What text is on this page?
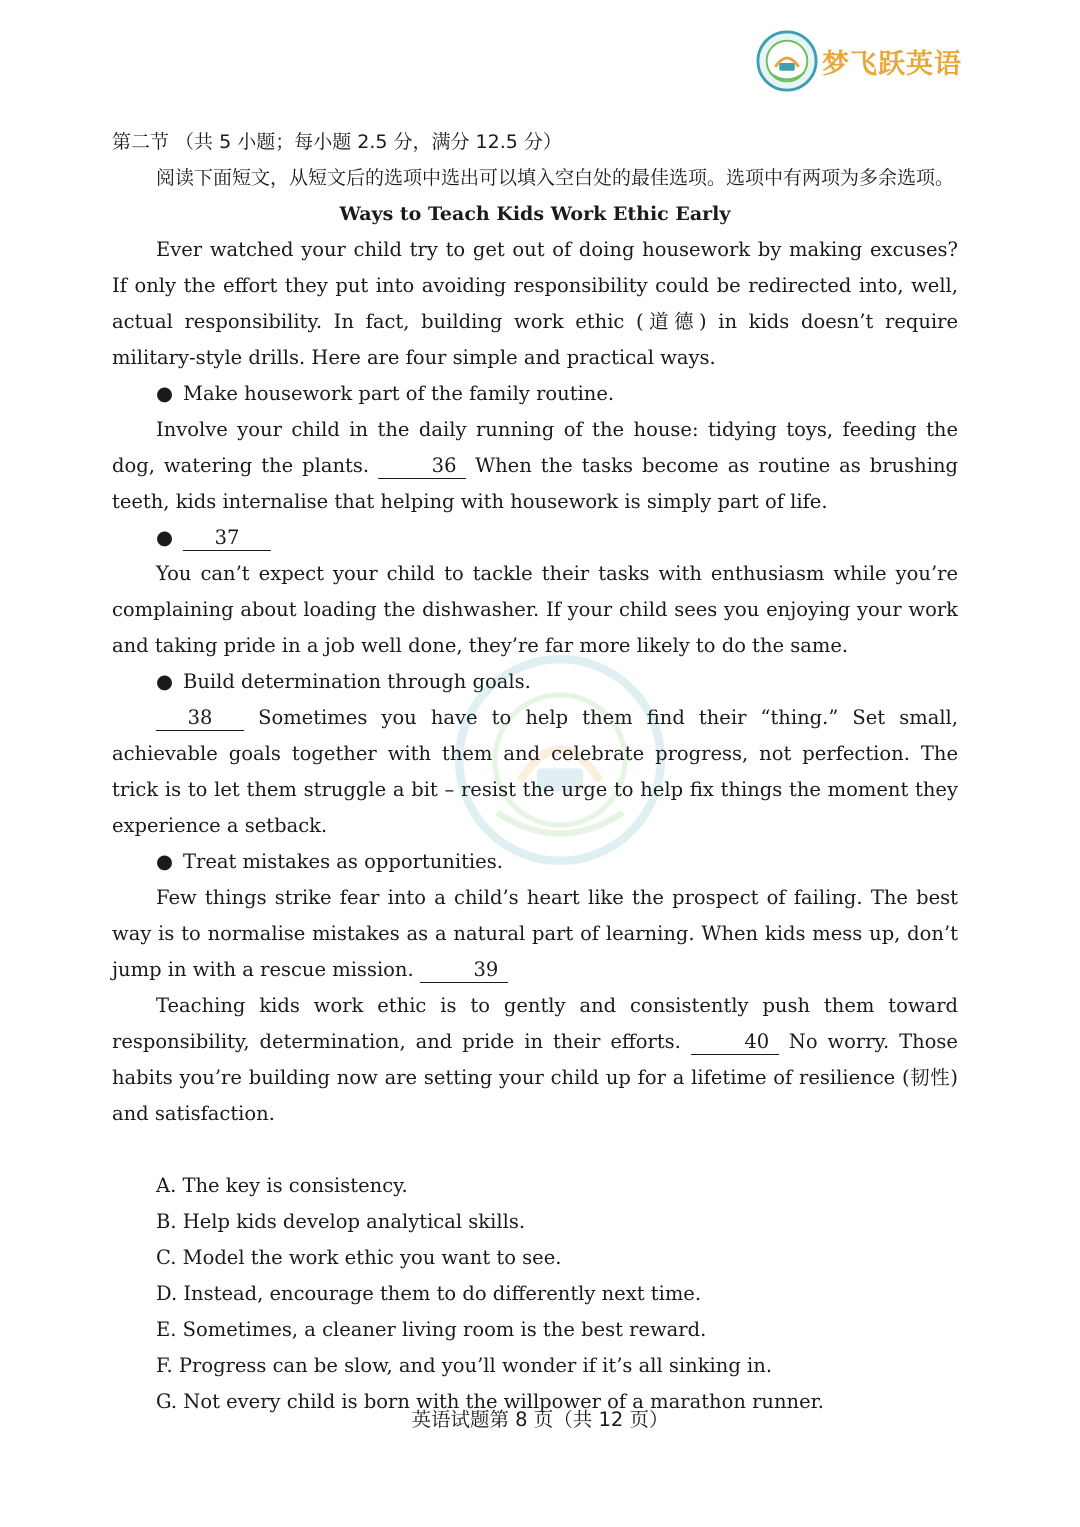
梦飞跃英语

第二节 （共 5 小题；每小题 2.5 分，满分 12.5 分）

阅读下面短文，从短文后的选项中选出可以填入空白处的最佳选项。选项中有两项为多余选项。

Ways to Teach Kids Work Ethic Early

Ever watched your child try to get out of doing housework by making excuses? If only the effort they put into avoiding responsibility could be redirected into, well, actual responsibility. In fact, building work ethic (道德) in kids doesn’t require military-style drills. Here are four simple and practical ways.

● Make housework part of the family routine.

Involve your child in the daily running of the house: tidying toys, feeding the dog, watering the plants.	36 When the tasks become as routine as brushing teeth, kids internalise that helping with housework is simply part of life.

● 37

You can’t expect your child to tackle their tasks with enthusiasm while you’re complaining about loading the dishwasher. If your child sees you enjoying your work and taking pride in a job well done, they’re far more likely to do the same.

● Build determination through goals.

38 Sometimes you have to help them find their “thing.” Set small, achievable goals together with them and celebrate progress, not perfection. The trick is to let them struggle a bit – resist the urge to help fix things the moment they experience a setback.

● Treat mistakes as opportunities.

Few things strike fear into a child’s heart like the prospect of failing. The best way is to normalise mistakes as a natural part of learning. When kids mess up, don’t jump in with a rescue mission.	39

Teaching kids work ethic is to gently and consistently push them toward responsibility, determination, and pride in their efforts.	40 No worry. Those habits you’re building now are setting your child up for a lifetime of resilience (韧性) and satisfaction.

A. The key is consistency.

B. Help kids develop analytical skills.

C. Model the work ethic you want to see.

D. Instead, encourage them to do differently next time.

E. Sometimes, a cleaner living room is the best reward.

F. Progress can be slow, and you’ll wonder if it’s all sinking in.

G. Not every child is born with the willpower of a marathon runner.

英语试题第 8 页（共 12 页）
